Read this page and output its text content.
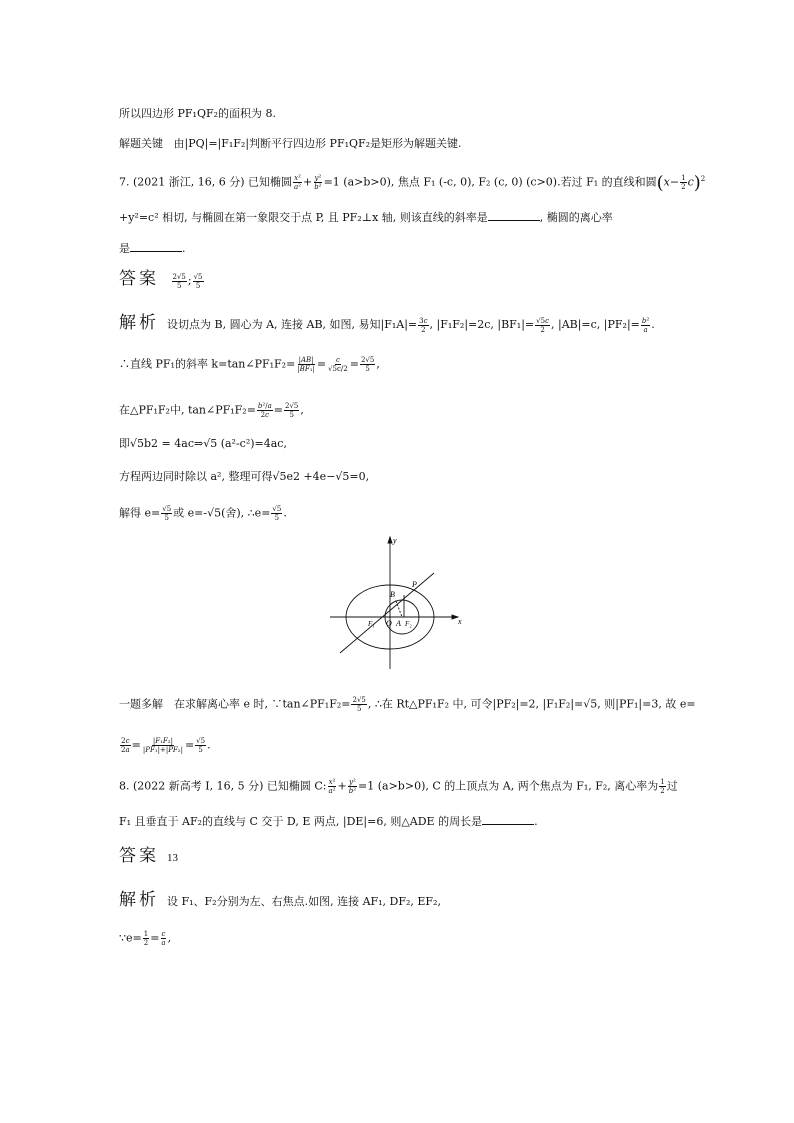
所以四边形 PF₁QF₂的面积为 8.
解题关键 由|PQ|=|F₁F₂|判断平行四边形 PF₁QF₂是矩形为解题关键.
7. (2021 浙江, 16, 6 分) 已知椭圆 $\frac{\text{x²}}{\text{a²}} + \frac{\text{y²}}{\text{b²}} =1$ (a>b>0), 焦点 F₁ (-c, 0), F₂ (c, 0) (c>0).若过 F₁ 的直线和圆$(x- \frac{1}{2} c)^2$
+y²=c² 相切, 与椭圆在第一象限交于点 P, 且 PF₂⊥x 轴, 则该直线的斜率是	, 椭圆的离心率
是	.
答案 $\frac{2√5}{5}$ ; $\frac{√5}{5}$
解析 设切点为 B, 圆心为 A, 连接 AB, 如图, 易知$|F_1A|= \frac{3c}{2}$ , |F₁F₂|=2c, $|BF_1|= \frac{√5c}{2}$ , |AB|=c, $|PF_2|= \frac{\text{b²}}{a}$ .
∴直线 PF₁的斜率 k=tan∠PF₁F₂= $\frac{|AB|}{\text{|BF₁|}} = \frac{c}{√5c/2} = \frac{2√5}{5}$ ,
在△PF₁F₂中, tan∠PF₁F₂= $\frac{\text{b²/a}}{2c} = \frac{2√5}{5}$ ,
即√5b2 = 4ac⇒√5 (a²-c²)=4ac,
方程两边同时除以 a², 整理可得√5e2 +4e−√5=0,
解得 $e= \frac{√5}{5}$ 或 e=-√5(舍), ∴e= $\frac{√5}{5}$ .
y
x
B
P
F₁ O A F₂
一题多解　在求解离心率 e 时, ∵tan∠PF₁F₂= $\frac{2√5}{5}$ , ∴在 Rt△PF₁F₂ 中, 可令|PF₂|=2, |F₁F₂|=√5, 则|PF₁|=3, 故 e=
$\frac{2c}{2a} = \frac{\text{|F₁F₂|}}{\text{|PF₁|+|PF₂|}} = \frac{√5}{5}$ .
8. (2022 新高考 Ⅰ, 16, 5 分) 已知椭圆 C: $\frac{\text{x²}}{\text{a²}} + \frac{\text{y²}}{\text{b²}} =1$ (a>b>0), C 的上顶点为 A, 两个焦点为 F₁, F₂, 离心率为 $\frac{1}{2}$ 过
F₁ 且垂直于 AF₂的直线与 C 交于 D, E 两点, |DE|=6, 则△ADE 的周长是	.
答案 13
解析 设 F₁、F₂分别为左、右焦点.如图, 连接 AF₁, DF₂, EF₂,
∵e= $\frac{1}{2} = \frac{c}{a}$ ,
